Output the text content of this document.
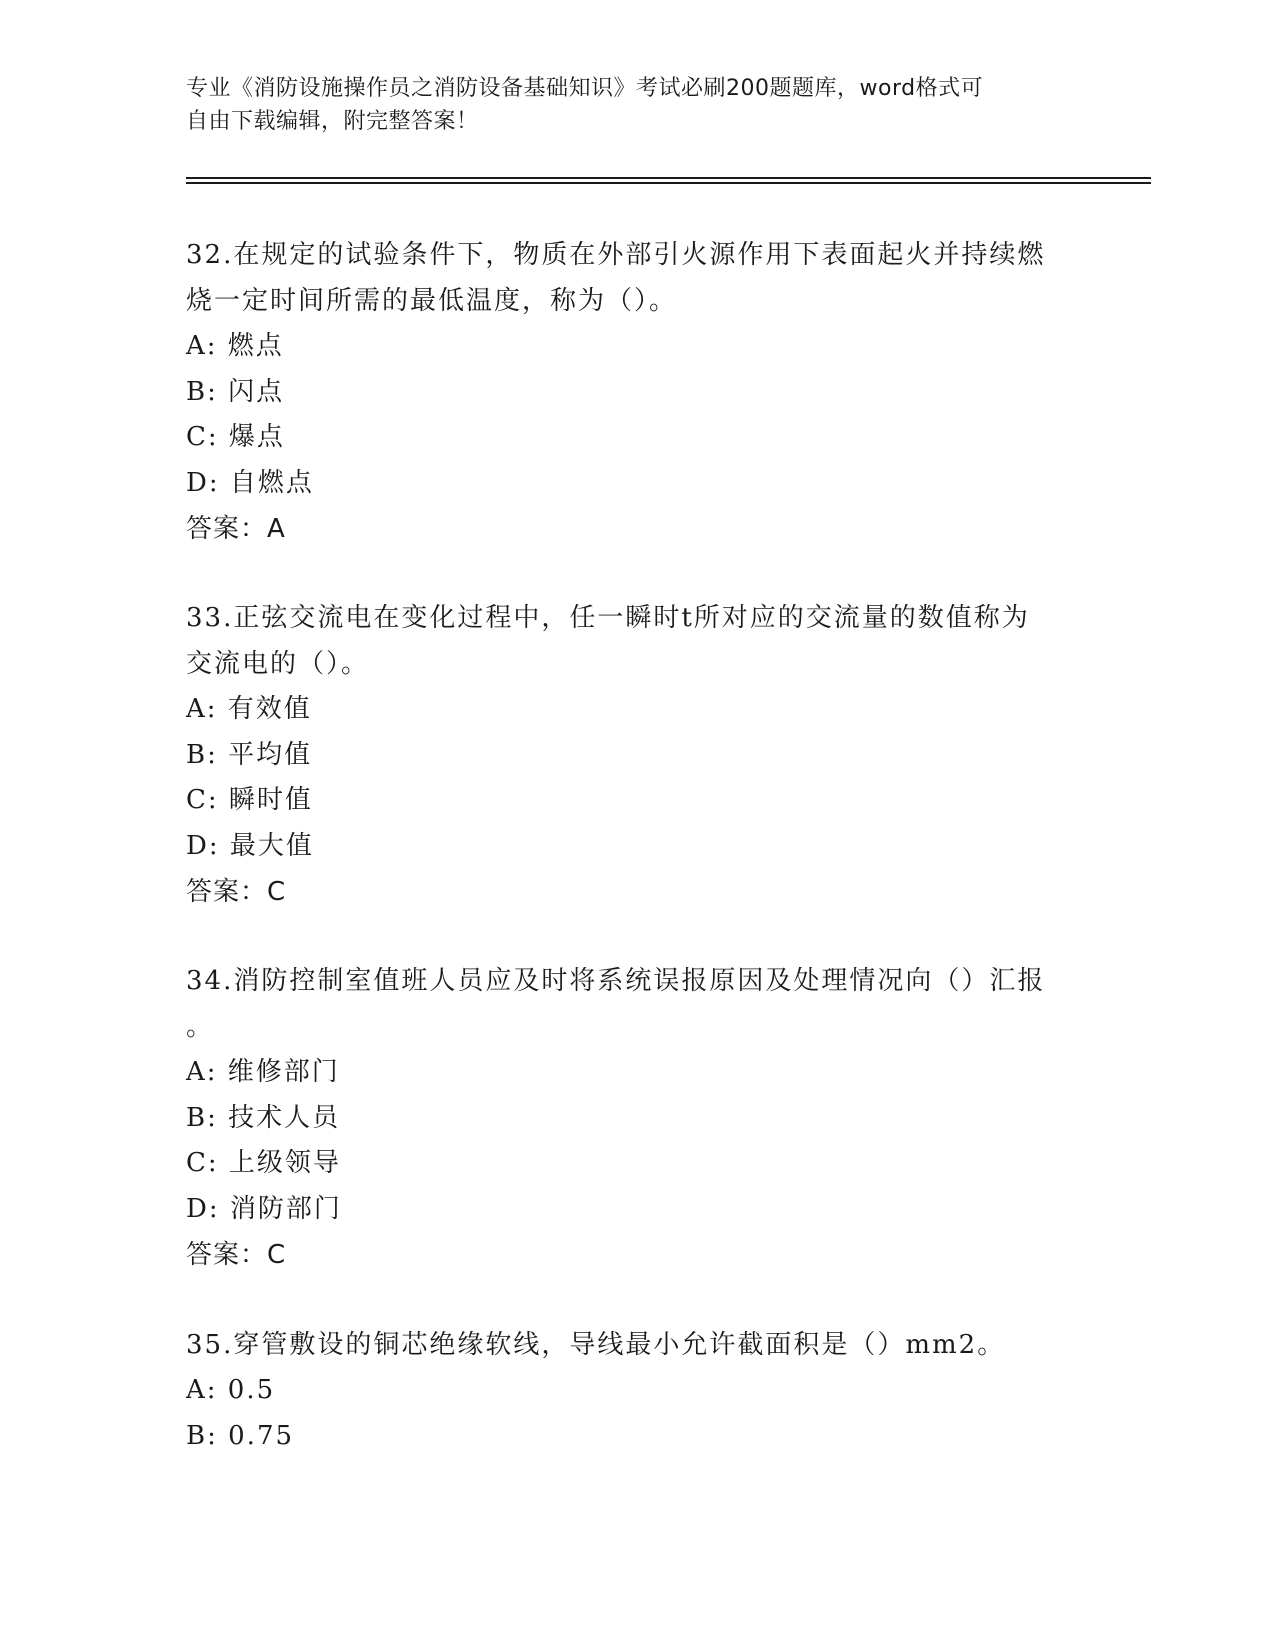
专业《消防设施操作员之消防设备基础知识》考试必刷200题题库，word格式可
自由下载编辑，附完整答案！

32.在规定的试验条件下，物质在外部引火源作用下表面起火并持续燃
烧一定时间所需的最低温度，称为（）。

A: 燃点

B: 闪点

C: 爆点

D: 自燃点

答案：A

33.正弦交流电在变化过程中，任一瞬时t所对应的交流量的数值称为
交流电的（）。

A: 有效值

B: 平均值

C: 瞬时值

D: 最大值

答案：C

34.消防控制室值班人员应及时将系统误报原因及处理情况向（）汇报
。

A: 维修部门

B: 技术人员

C: 上级领导

D: 消防部门

答案：C

35.穿管敷设的铜芯绝缘软线，导线最小允许截面积是（）mm2。

A: 0.5

B: 0.75
